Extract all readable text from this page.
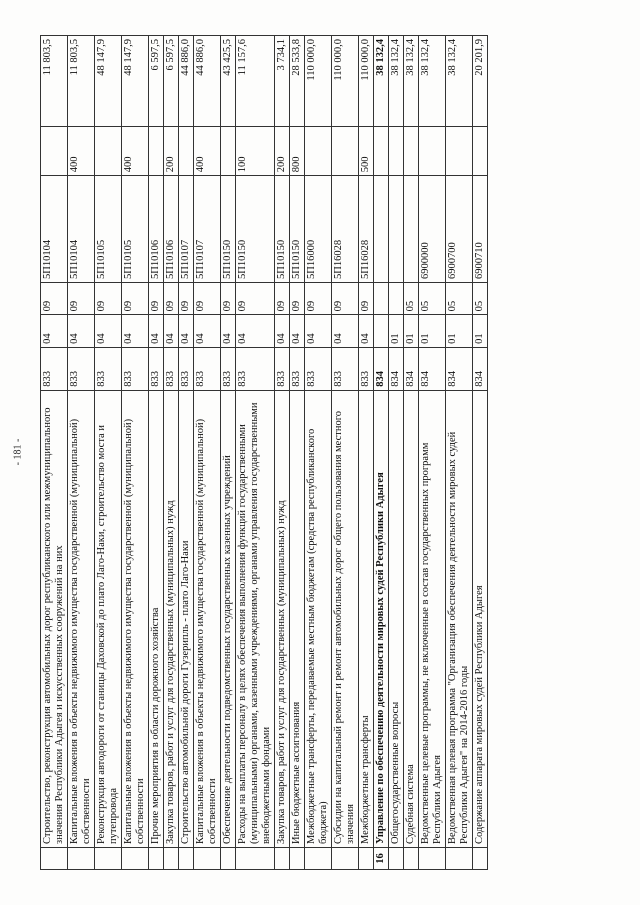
- 181 -
	Строительство, реконструкция автомобильных дорог республиканского или межмуниципального значения Республики Адыгея и искусственных сооружений на них	833	04	09	5П10104		11 803,5
	Капитальные вложения в объекты недвижимого имущества государственной (муниципальной) собственности	833	04	09	5П10104	400	11 803,5
	Реконструкция автодороги от станицы Даховской до плато Лаго-Наки, строительство моста и путепровода	833	04	09	5П10105		48 147,9
	Капитальные вложения в объекты недвижимого имущества государственной (муниципальной) собственности	833	04	09	5П10105	400	48 147,9
	Прочие мероприятия в области дорожного хозяйства	833	04	09	5П10106		6 597,5
	Закупка товаров, работ и услуг для государственных (муниципальных) нужд	833	04	09	5П10106	200	6 597,5
	Строительство автомобильной дороги Гузерипль - плато Лаго-Наки	833	04	09	5П10107		44 886,0
	Капитальные вложения в объекты недвижимого имущества государственной (муниципальной) собственности	833	04	09	5П10107	400	44 886,0
	Обеспечение деятельности подведомственных государственных казенных учреждений	833	04	09	5П10150		43 425,5
	Расходы на выплаты персоналу в целях обеспечения выполнения функций государственными (муниципальными) органами, казенными учреждениями, органами управления государственными внебюджетными фондами	833	04	09	5П10150	100	11 157,6
	Закупка товаров, работ и услуг для государственных (муниципальных) нужд	833	04	09	5П10150	200	3 734,1
	Иные бюджетные ассигнования	833	04	09	5П10150	800	28 533,8
	Межбюджетные трансферты, передаваемые местным бюджетам (средства республиканского бюджета)	833	04	09	5П16000		110 000,0
	Субсидии на капитальный ремонт и ремонт автомобильных дорог общего пользования местного значения	833	04	09	5П16028		110 000,0
	Межбюджетные трансферты	833	04	09	5П16028	500	110 000,0
16	Управление по обеспечению деятельности мировых судей Республики Адыгея	834					38 132,4
	Общегосударственные вопросы	834	01				38 132,4
	Судебная система	834	01	05			38 132,4
	Ведомственные целевые программы, не включенные в состав государственных программ Республики Адыгея	834	01	05	6900000		38 132,4
	Ведомственная целевая программа "Организация обеспечения деятельности мировых судей Республики Адыгея" на 2014-2016 годы	834	01	05	6900700		38 132,4
	Содержание аппарата мировых судей Республики Адыгея	834	01	05	6900710		20 201,9
